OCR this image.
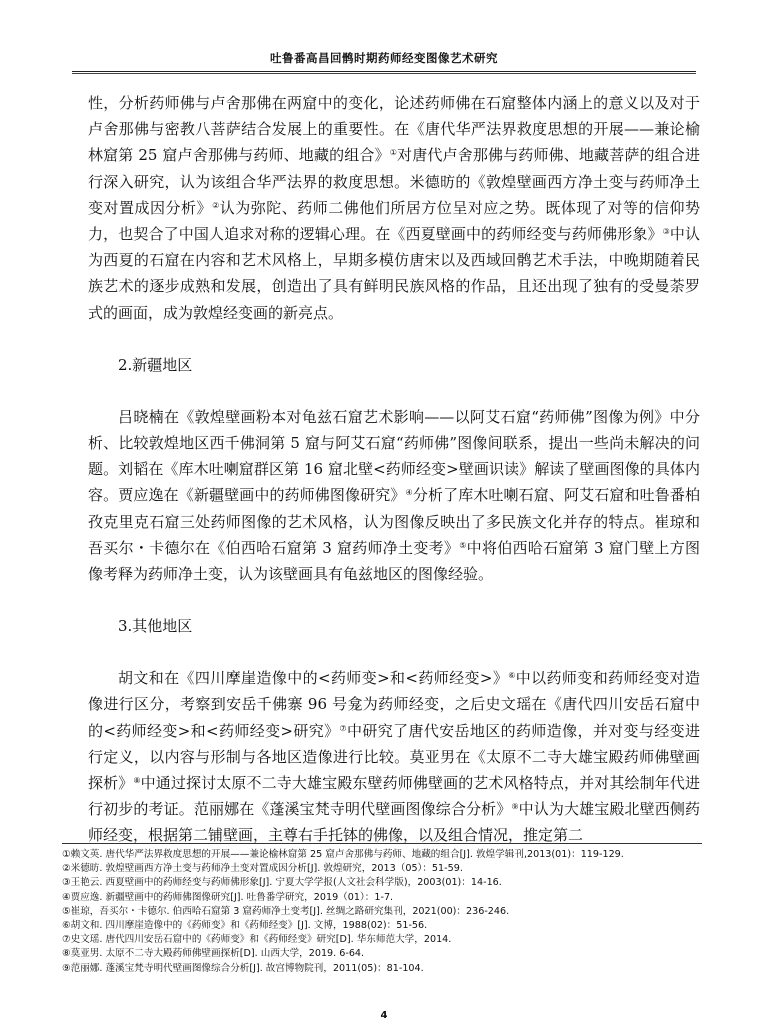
吐鲁番高昌回鹘时期药师经变图像艺术研究

性，分析药师佛与卢舍那佛在两窟中的变化，论述药师佛在石窟整体内涵上的意义以及对于卢舍那佛与密教八菩萨结合发展上的重要性。在《唐代华严法界救度思想的开展——兼论榆林窟第 25 窟卢舍那佛与药师、地藏的组合》①对唐代卢舍那佛与药师佛、地藏菩萨的组合进行深入研究，认为该组合华严法界的救度思想。米德昉的《敦煌壁画西方净土变与药师净土变对置成因分析》②认为弥陀、药师二佛他们所居方位呈对应之势。既体现了对等的信仰势力，也契合了中国人追求对称的逻辑心理。在《西夏壁画中的药师经变与药师佛形象》③中认为西夏的石窟在内容和艺术风格上，早期多模仿唐宋以及西域回鹘艺术手法，中晚期随着民族艺术的逐步成熟和发展，创造出了具有鲜明民族风格的作品，且还出现了独有的受曼荼罗式的画面，成为敦煌经变画的新亮点。

2.新疆地区

吕晓楠在《敦煌壁画粉本对龟兹石窟艺术影响——以阿艾石窟“药师佛”图像为例》中分析、比较敦煌地区西千佛洞第 5 窟与阿艾石窟“药师佛”图像间联系，提出一些尚未解决的问题。刘韬在《库木吐喇窟群区第 16 窟北壁<药师经变>壁画识读》解读了壁画图像的具体内容。贾应逸在《新疆壁画中的药师佛图像研究》④分析了库木吐喇石窟、阿艾石窟和吐鲁番柏孜克里克石窟三处药师图像的艺术风格，认为图像反映出了多民族文化并存的特点。崔琼和吾买尔・卡德尔在《伯西哈石窟第 3 窟药师净土变考》⑤中将伯西哈石窟第 3 窟门壁上方图像考释为药师净土变，认为该壁画具有龟兹地区的图像经验。

3.其他地区

胡文和在《四川摩崖造像中的<药师变>和<药师经变>》⑥中以药师变和药师经变对造像进行区分，考察到安岳千佛寨 96 号龛为药师经变，之后史文瑶在《唐代四川安岳石窟中的<药师经变>和<药师经变>研究》⑦中研究了唐代安岳地区的药师造像，并对变与经变进行定义，以内容与形制与各地区造像进行比较。莫亚男在《太原不二寺大雄宝殿药师佛壁画探析》⑧中通过探讨太原不二寺大雄宝殿东壁药师佛壁画的艺术风格特点，并对其绘制年代进行初步的考证。范丽娜在《蓬溪宝梵寺明代壁画图像综合分析》⑨中认为大雄宝殿北壁西侧药师经变，根据第二铺壁画，主尊右手托钵的佛像，以及组合情况，推定第二

①赖文英. 唐代华严法界救度思想的开展——兼论榆林窟第 25 窟卢舍那佛与药师、地藏的组合[J]. 敦煌学辑刊,2013(01)：119-129.

②米德昉. 敦煌壁画西方净土变与药师净土变对置成因分析[J]. 敦煌研究，2013（05）：51-59.

③王艳云. 西夏壁画中的药师经变与药师佛形象[J]. 宁夏大学学报(人文社会科学版)，2003(01)：14-16.

④贾应逸. 新疆壁画中的药师佛图像研究[J]. 吐鲁番学研究，2019（01）：1-7.

⑤崔琼，吾买尔・卡德尔. 伯西哈石窟第 3 窟药师净土变考[J]. 丝绸之路研究集刊，2021(00)：236-246.

⑥胡文和. 四川摩崖造像中的《药师变》和《药师经变》[J]. 文博，1988(02)：51-56.

⑦史文瑶. 唐代四川安岳石窟中的《药师变》和《药师经变》研究[D]. 华东师范大学，2014.

⑧莫亚男. 太原不二寺大殿药师佛壁画探析[D]. 山西大学，2019. 6-64.

⑨范丽娜. 蓬溪宝梵寺明代壁画图像综合分析[J]. 故宫博物院刊，2011(05)：81-104.

4
